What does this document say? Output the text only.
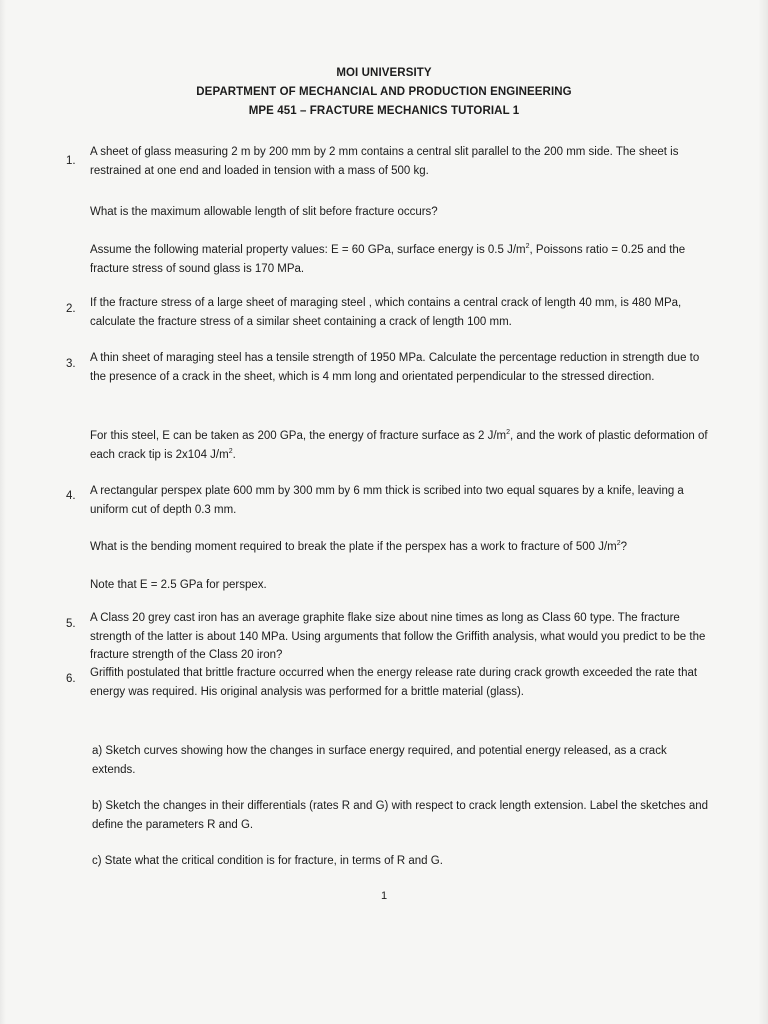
MOI UNIVERSITY
DEPARTMENT OF MECHANCIAL AND PRODUCTION ENGINEERING
MPE 451 – FRACTURE MECHANICS TUTORIAL 1
1.
A sheet of glass measuring 2 m by 200 mm by 2 mm contains a central slit parallel to the 200 mm side. The sheet is restrained at one end and loaded in tension with a mass of 500 kg.
What is the maximum allowable length of slit before fracture occurs?
Assume the following material property values: E = 60 GPa, surface energy is 0.5 $J/m^2$, Poissons ratio = 0.25 and the fracture stress of sound glass is 170 MPa.
2. If the fracture stress of a large sheet of maraging steel , which contains a central crack of length 40 mm, is 480 MPa, calculate the fracture stress of a similar sheet containing a crack of length 100 mm.
3. A thin sheet of maraging steel has a tensile strength of 1950 MPa. Calculate the percentage reduction in strength due to the presence of a crack in the sheet, which is 4 mm long and orientated perpendicular to the stressed direction.
For this steel, E can be taken as 200 GPa, the energy of fracture surface as 2 $J/m^2$, and the work of plastic deformation of each crack tip is 2x104 $J/m^2$.
4. A rectangular perspex plate 600 mm by 300 mm by 6 mm thick is scribed into two equal squares by a knife, leaving a uniform cut of depth 0.3 mm.
What is the bending moment required to break the plate if the perspex has a work to fracture of 500 $J/m^2$?
Note that E = 2.5 GPa for perspex.
5. A Class 20 grey cast iron has an average graphite flake size about nine times as long as Class 60 type. The fracture strength of the latter is about 140 MPa. Using arguments that follow the Griffith analysis, what would you predict to be the fracture strength of the Class 20 iron?
6. Griffith postulated that brittle fracture occurred when the energy release rate during crack growth exceeded the rate that energy was required. His original analysis was performed for a brittle material (glass).
a) Sketch curves showing how the changes in surface energy required, and potential energy released, as a crack extends.
b) Sketch the changes in their differentials (rates R and G) with respect to crack length extension. Label the sketches and define the parameters R and G.
c) State what the critical condition is for fracture, in terms of R and G.
1
